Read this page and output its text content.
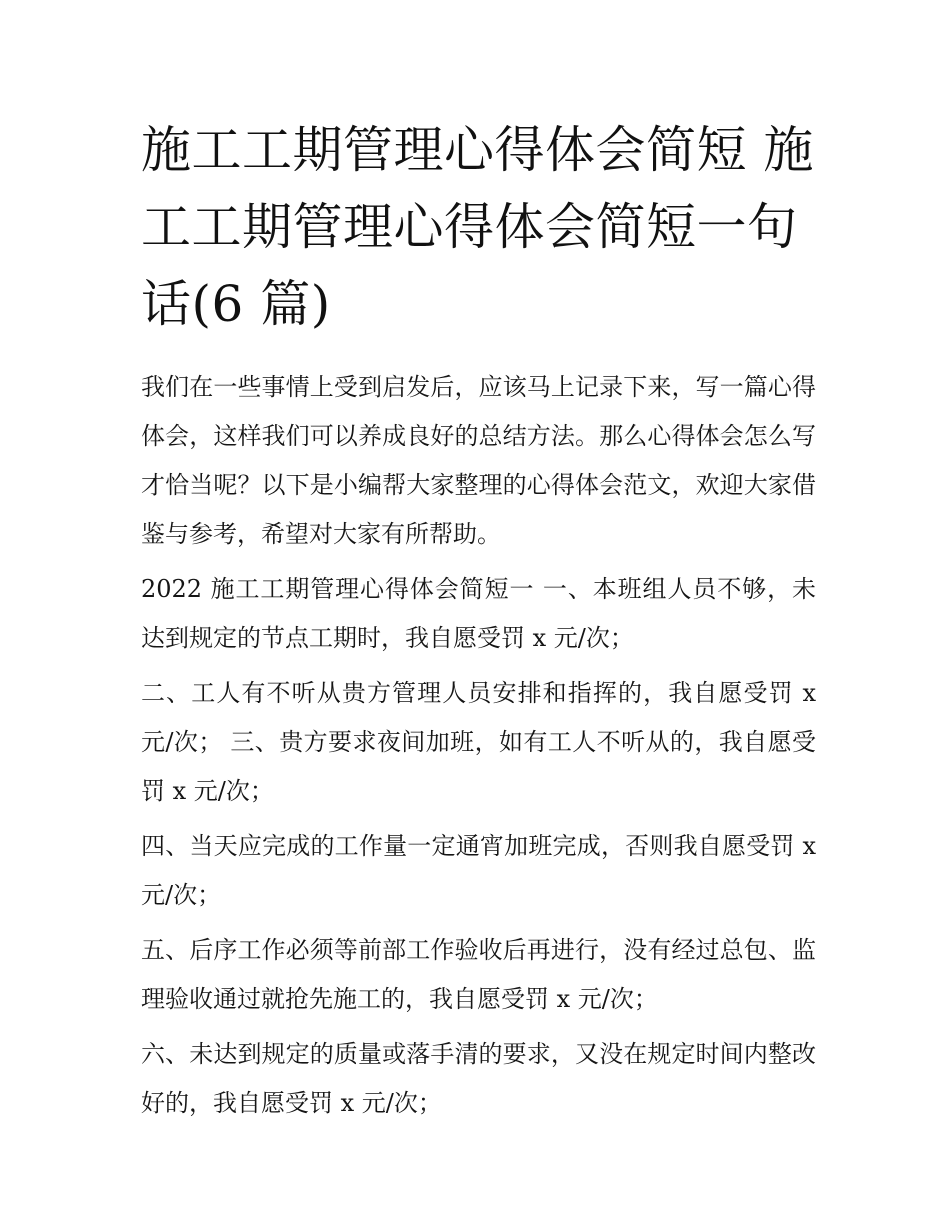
施工工期管理心得体会简短 施工工期管理心得体会简短一句话(6 篇)

我们在一些事情上受到启发后，应该马上记录下来，写一篇心得体会，这样我们可以养成良好的总结方法。那么心得体会怎么写才恰当呢？以下是小编帮大家整理的心得体会范文，欢迎大家借鉴与参考，希望对大家有所帮助。

2022 施工工期管理心得体会简短一 一、本班组人员不够，未达到规定的节点工期时，我自愿受罚 x 元/次；

二、工人有不听从贵方管理人员安排和指挥的，我自愿受罚 x 元/次； 三、贵方要求夜间加班，如有工人不听从的，我自愿受罚 x 元/次；

四、当天应完成的工作量一定通宵加班完成，否则我自愿受罚 x 元/次；

五、后序工作必须等前部工作验收后再进行，没有经过总包、监理验收通过就抢先施工的，我自愿受罚 x 元/次；

六、未达到规定的质量或落手清的要求，又没在规定时间内整改好的，我自愿受罚 x 元/次；
